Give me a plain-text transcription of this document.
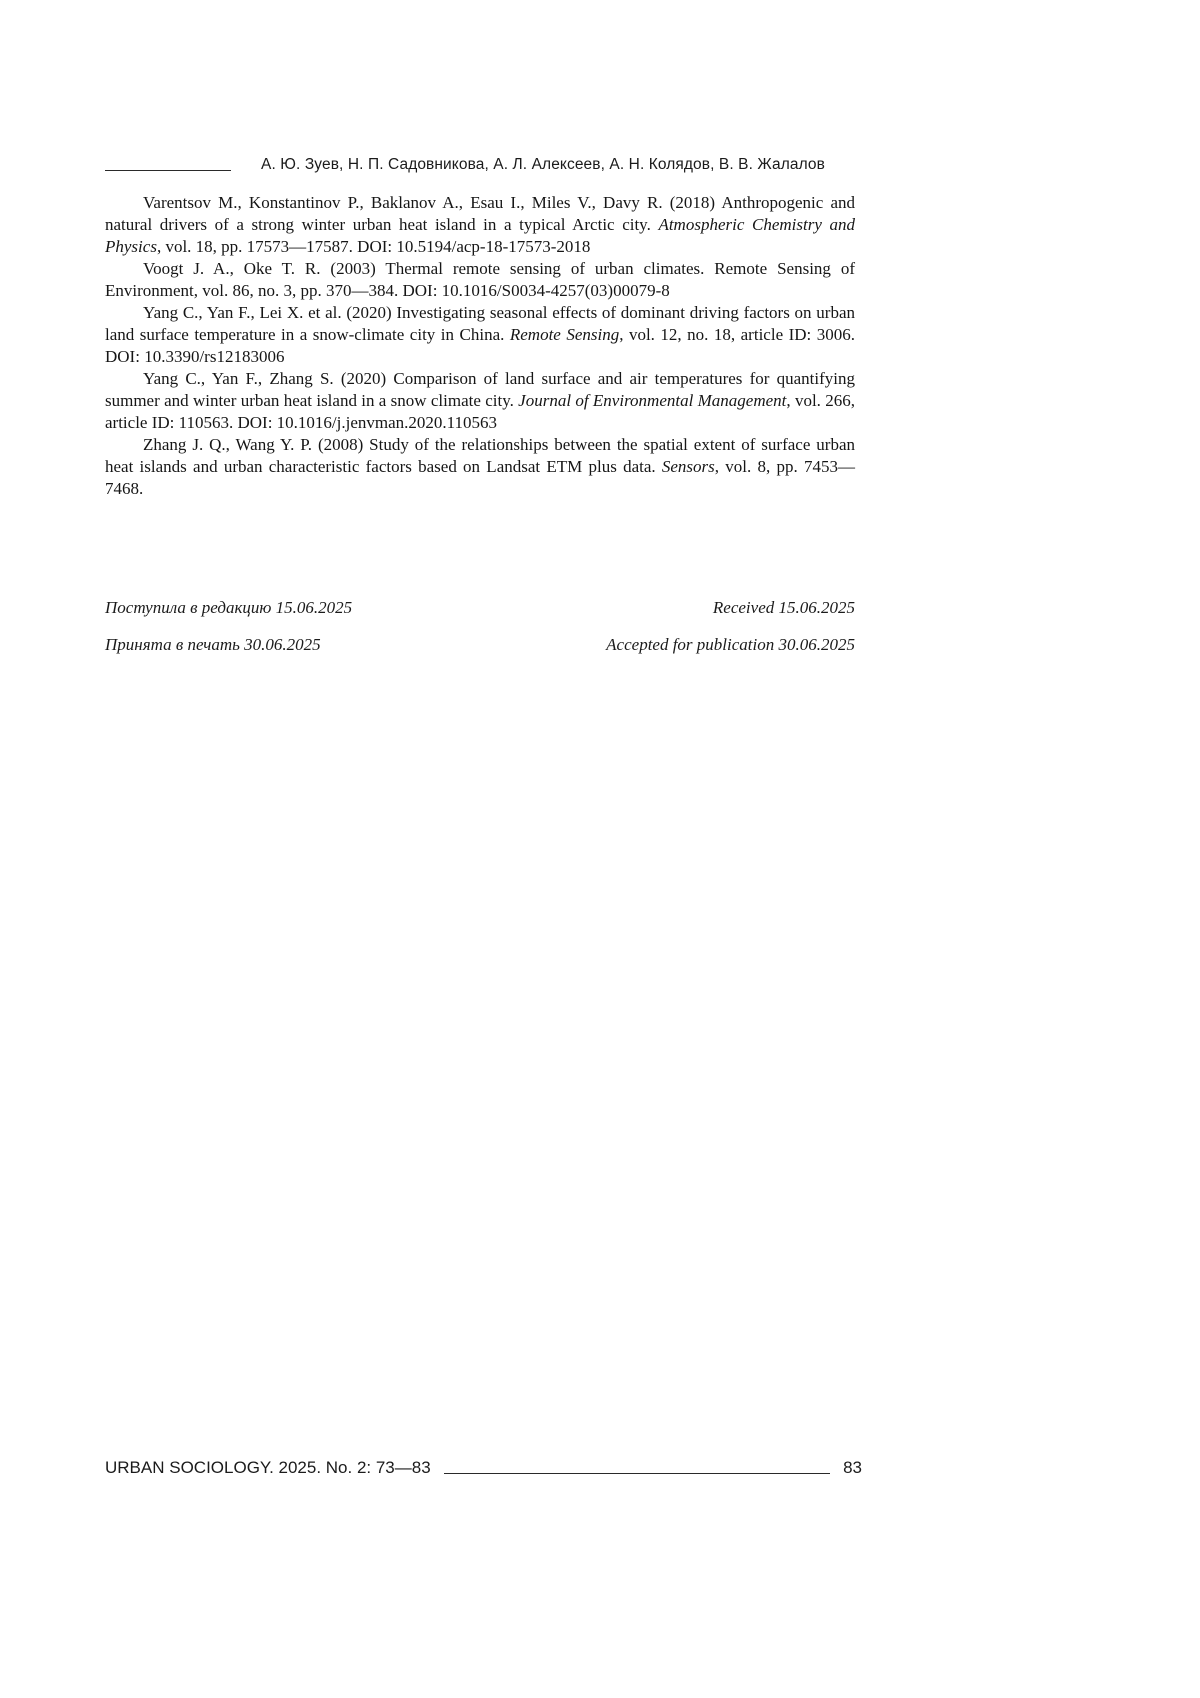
А. Ю. Зуев, Н. П. Садовникова, А. Л. Алексеев, А. Н. Колядов, В. В. Жалалов

Varentsov M., Konstantinov P., Baklanov A., Esau I., Miles V., Davy R. (2018) Anthropogenic and natural drivers of a strong winter urban heat island in a typical Arctic city. Atmospheric Chemistry and Physics, vol. 18, pp. 17573—17587. DOI: 10.5194/acp-18-17573-2018

Voogt J. A., Oke T. R. (2003) Thermal remote sensing of urban climates. Remote Sensing of Environment, vol. 86, no. 3, pp. 370—384. DOI: 10.1016/S0034-4257(03)00079-8

Yang C., Yan F., Lei X. et al. (2020) Investigating seasonal effects of dominant driving factors on urban land surface temperature in a snow-climate city in China. Remote Sensing, vol. 12, no. 18, article ID: 3006. DOI: 10.3390/rs12183006

Yang C., Yan F., Zhang S. (2020) Comparison of land surface and air temperatures for quantifying summer and winter urban heat island in a snow climate city. Journal of Environmental Management, vol. 266, article ID: 110563. DOI: 10.1016/j.jenvman.2020.110563

Zhang J. Q., Wang Y. P. (2008) Study of the relationships between the spatial extent of surface urban heat islands and urban characteristic factors based on Landsat ETM plus data. Sensors, vol. 8, pp. 7453—7468.

Поступила в редакцию 15.06.2025	Received 15.06.2025
Принята в печать 30.06.2025	Accepted for publication 30.06.2025
URBAN SOCIOLOGY. 2025. No. 2: 73—83	83
